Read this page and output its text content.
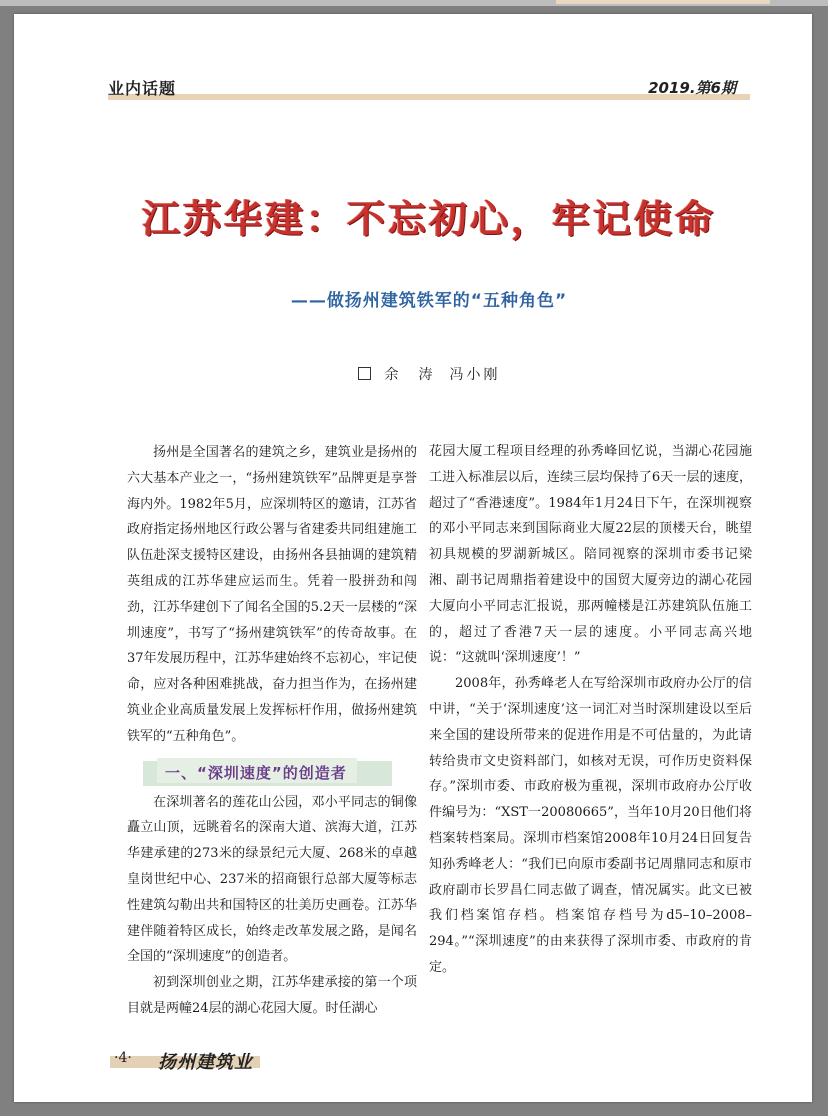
业内话题	2019.第6期
江苏华建：不忘初心，牢记使命
——做扬州建筑铁军的“五种角色”
余　涛 冯小刚

扬州是全国著名的建筑之乡，建筑业是扬州的六大基本产业之一，“扬州建筑铁军”品牌更是享誉海内外。1982年5月，应深圳特区的邀请，江苏省政府指定扬州地区行政公署与省建委共同组建施工队伍赴深支援特区建设，由扬州各县抽调的建筑精英组成的江苏华建应运而生。凭着一股拼劲和闯劲，江苏华建创下了闻名全国的5.2天一层楼的“深圳速度”，书写了“扬州建筑铁军”的传奇故事。在37年发展历程中，江苏华建始终不忘初心，牢记使命，应对各种困难挑战，奋力担当作为，在扬州建筑业企业高质量发展上发挥标杆作用，做扬州建筑铁军的“五种角色”。

一、“深圳速度”的创造者

在深圳著名的莲花山公园，邓小平同志的铜像矗立山顶，远眺着名的深南大道、滨海大道，江苏华建承建的273米的绿景纪元大厦、268米的卓越皇岗世纪中心、237米的招商银行总部大厦等标志性建筑勾勒出共和国特区的壮美历史画卷。江苏华建伴随着特区成长，始终走改革发展之路，是闻名全国的“深圳速度”的创造者。

初到深圳创业之期，江苏华建承接的第一个项目就是两幢24层的湖心花园大厦。时任湖心

花园大厦工程项目经理的孙秀峰回忆说，当湖心花园施工进入标准层以后，连续三层均保持了6天一层的速度，超过了“香港速度”。1984年1月24日下午，在深圳视察的邓小平同志来到国际商业大厦22层的顶楼天台，眺望初具规模的罗湖新城区。陪同视察的深圳市委书记梁湘、副书记周鼎指着建设中的国贸大厦旁边的湖心花园大厦向小平同志汇报说，那两幢楼是江苏建筑队伍施工的，超过了香港7天一层的速度。小平同志高兴地说：“这就叫‘深圳速度’！”

2008年，孙秀峰老人在写给深圳市政府办公厅的信中讲，“关于‘深圳速度’这一词汇对当时深圳建设以至后来全国的建设所带来的促进作用是不可估量的，为此请转给贵市文史资料部门，如核对无误，可作历史资料保存。”深圳市委、市政府极为重视，深圳市政府办公厅收件编号为：“XST一20080665”，当年10月20日他们将档案转档案局。深圳市档案馆2008年10月24日回复告知孙秀峰老人：“我们已向原市委副书记周鼎同志和原市政府副市长罗昌仁同志做了调查，情况属实。此文已被我们档案馆存档。档案馆存档号为d5–10–2008–294。”“深圳速度”的由来获得了深圳市委、市政府的肯定。

·4· 扬州建筑业
